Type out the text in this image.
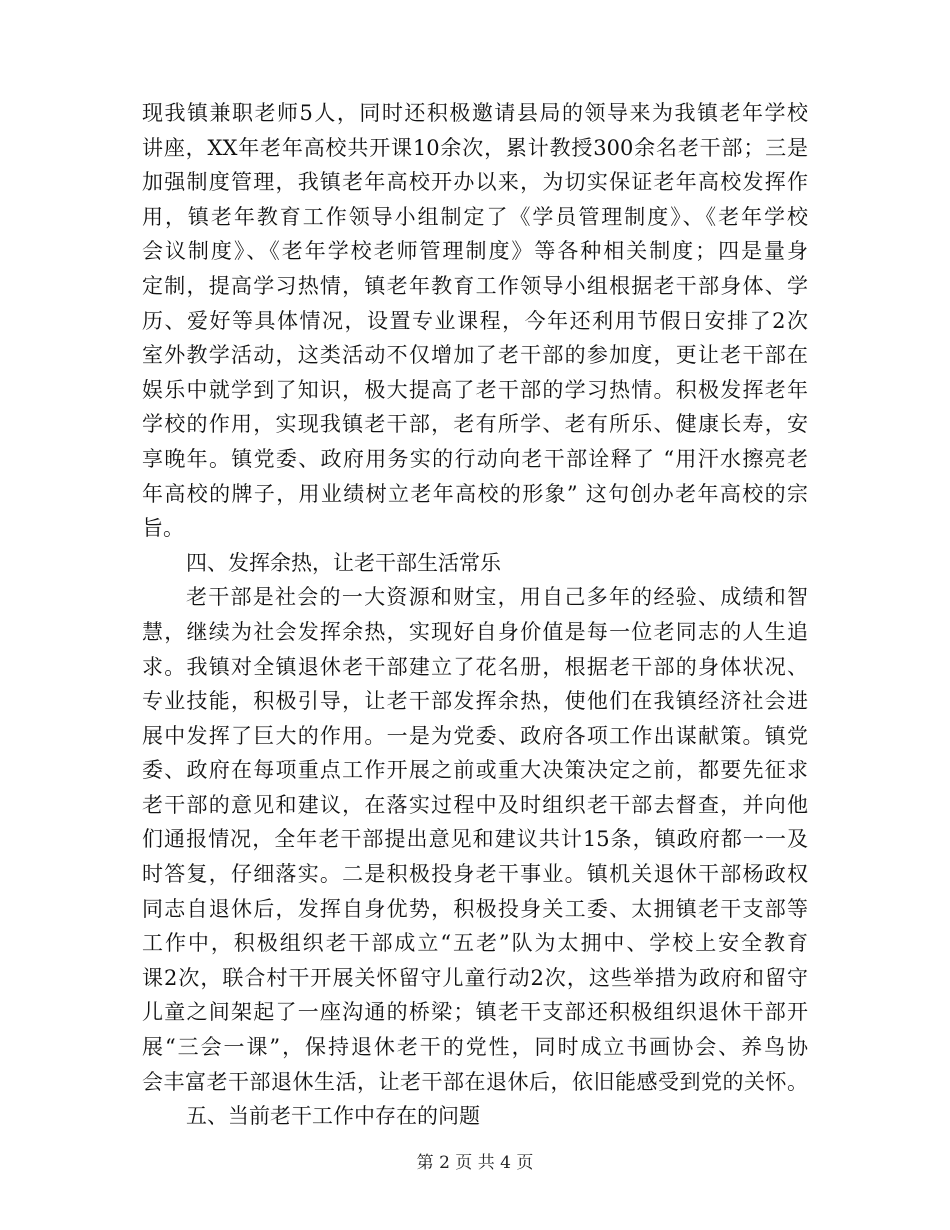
现我镇兼职老师5人，同时还积极邀请县局的领导来为我镇老年学校
讲座，XX年老年高校共开课10余次，累计教授300余名老干部；三是
加强制度管理，我镇老年高校开办以来，为切实保证老年高校发挥作
用，镇老年教育工作领导小组制定了《学员管理制度》、《老年学校
会议制度》、《老年学校老师管理制度》等各种相关制度；四是量身
定制，提高学习热情，镇老年教育工作领导小组根据老干部身体、学
历、爱好等具体情况，设置专业课程，今年还利用节假日安排了2次
室外教学活动，这类活动不仅增加了老干部的参加度，更让老干部在
娱乐中就学到了知识，极大提高了老干部的学习热情。积极发挥老年
学校的作用，实现我镇老干部，老有所学、老有所乐、健康长寿，安
享晚年。镇党委、政府用务实的行动向老干部诠释了 “用汗水擦亮老
年高校的牌子，用业绩树立老年高校的形象” 这句创办老年高校的宗
旨。
四、发挥余热，让老干部生活常乐
老干部是社会的一大资源和财宝，用自己多年的经验、成绩和智
慧，继续为社会发挥余热，实现好自身价值是每一位老同志的人生追
求。我镇对全镇退休老干部建立了花名册，根据老干部的身体状况、
专业技能，积极引导，让老干部发挥余热，使他们在我镇经济社会进
展中发挥了巨大的作用。一是为党委、政府各项工作出谋献策。镇党
委、政府在每项重点工作开展之前或重大决策决定之前，都要先征求
老干部的意见和建议，在落实过程中及时组织老干部去督查，并向他
们通报情况，全年老干部提出意见和建议共计15条，镇政府都一一及
时答复，仔细落实。二是积极投身老干事业。镇机关退休干部杨政权
同志自退休后，发挥自身优势，积极投身关工委、太拥镇老干支部等
工作中，积极组织老干部成立“五老”队为太拥中、学校上安全教育
课2次，联合村干开展关怀留守儿童行动2次，这些举措为政府和留守
儿童之间架起了一座沟通的桥梁；镇老干支部还积极组织退休干部开
展“三会一课”，保持退休老干的党性，同时成立书画协会、养鸟协
会丰富老干部退休生活，让老干部在退休后，依旧能感受到党的关怀。
五、当前老干工作中存在的问题
第 2 页 共 4 页
